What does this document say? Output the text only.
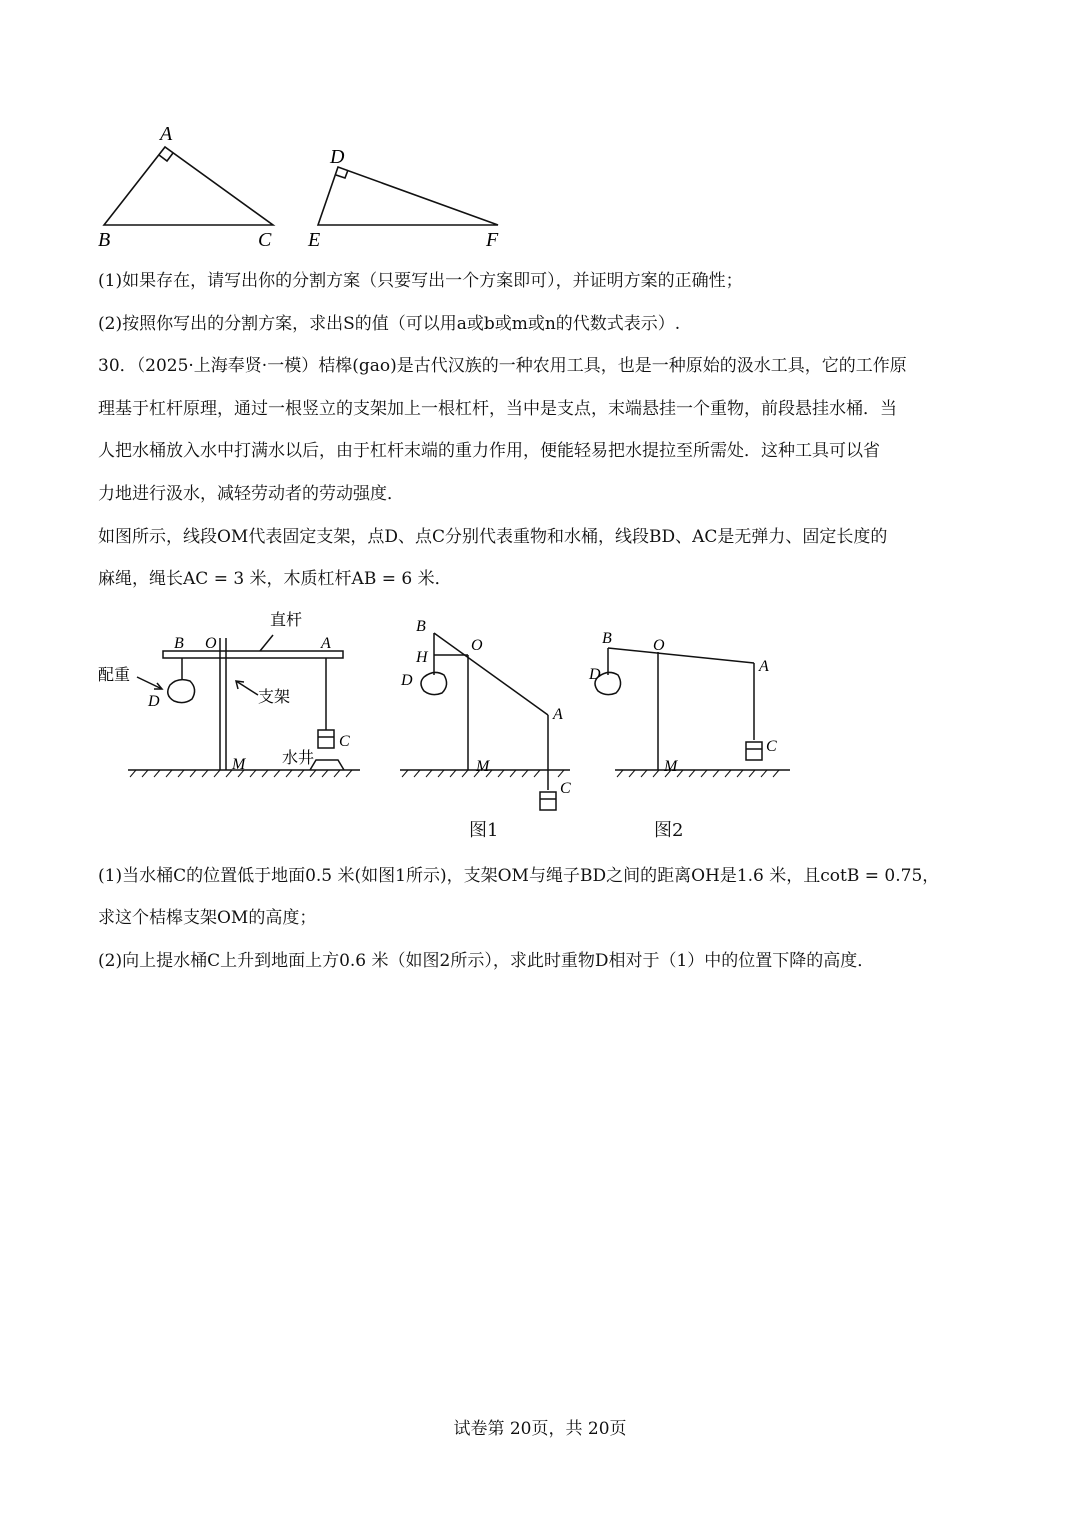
A
B	C
D
E	F
(1)如果存在，请写出你的分割方案（只要写出一个方案即可），并证明方案的正确性；
(2)按照你写出的分割方案，求出S的值（可以用a或b或m或n的代数式表示）.
30．（2025·上海奉贤·一模）桔槔(gao)是古代汉族的一种农用工具，也是一种原始的汲水工具，它的工作原
理基于杠杆原理，通过一根竖立的支架加上一根杠杆，当中是支点，末端悬挂一个重物，前段悬挂水桶．当
人把水桶放入水中打满水以后，由于杠杆末端的重力作用，便能轻易把水提拉至所需处．这种工具可以省
力地进行汲水，减轻劳动者的劳动强度．
如图所示，线段OM代表固定支架，点D、点C分别代表重物和水桶，线段BD、AC是无弹力、固定长度的
麻绳，绳长AC = 3 米，木质杠杆AB = 6 米．
直杆
B O	A
配重
D	支架
C
水井
M
B
O
H
D
A
M
C
B	O
D	A
C
M
图1	图2
(1)当水桶C的位置低于地面0.5 米(如图1所示)，支架OM与绳子BD之间的距离OH是1.6 米，且cotB = 0.75，
求这个桔槔支架OM的高度；
(2)向上提水桶C上升到地面上方0.6 米（如图2所示），求此时重物D相对于（1）中的位置下降的高度．
试卷第 20页，共 20页
